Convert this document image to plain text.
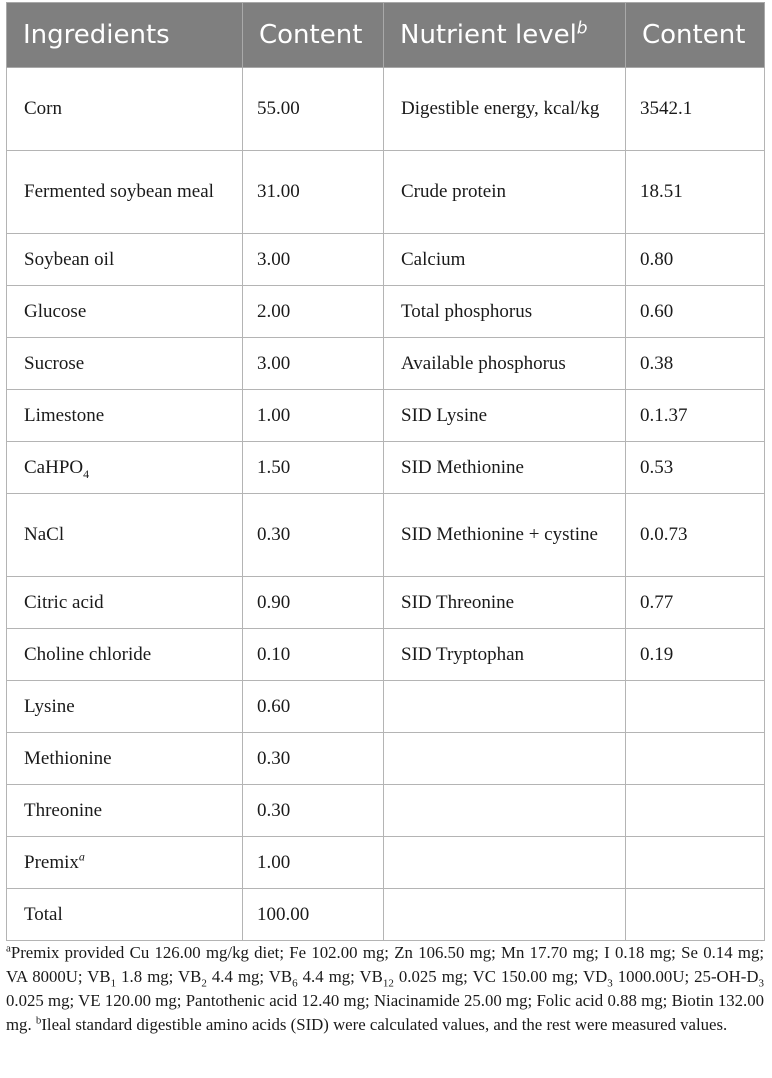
Ingredients	Content	Nutrient level$^b$	Content
Corn	55.00	Digestible energy, kcal/kg	3542.1
Fermented soybean meal	31.00	Crude protein	18.51
Soybean oil	3.00	Calcium	0.80
Glucose	2.00	Total phosphorus	0.60
Sucrose	3.00	Available phosphorus	0.38
Limestone	1.00	SID Lysine	0.1.37
CaHPO$_4$	1.50	SID Methionine	0.53
NaCl	0.30	SID Methionine + cystine	0.0.73
Citric acid	0.90	SID Threonine	0.77
Choline chloride	0.10	SID Tryptophan	0.19
Lysine	0.60		
Methionine	0.30		
Threonine	0.30		
Premix$^a$	1.00		
Total	100.00		
$^a$Premix provided Cu 126.00 mg/kg diet; Fe 102.00 mg; Zn 106.50 mg; Mn 17.70 mg; I 0.18 mg; Se 0.14 mg; VA 8000U; $VB_1$ 1.8 mg; $VB_2$ 4.4 mg; $VB_6$ 4.4 mg; $VB_{12}$ 0.025 mg; VC 150.00 mg; $VD_3$ 1000.00U; $25-OH-D_3$ 0.025 mg; VE 120.00 mg; Pantothenic acid 12.40 mg; Niacinamide 25.00 mg; Folic acid 0.88 mg; Biotin 132.00 mg. $^b$Ileal standard digestible amino acids (SID) were calculated values, and the rest were measured values.
